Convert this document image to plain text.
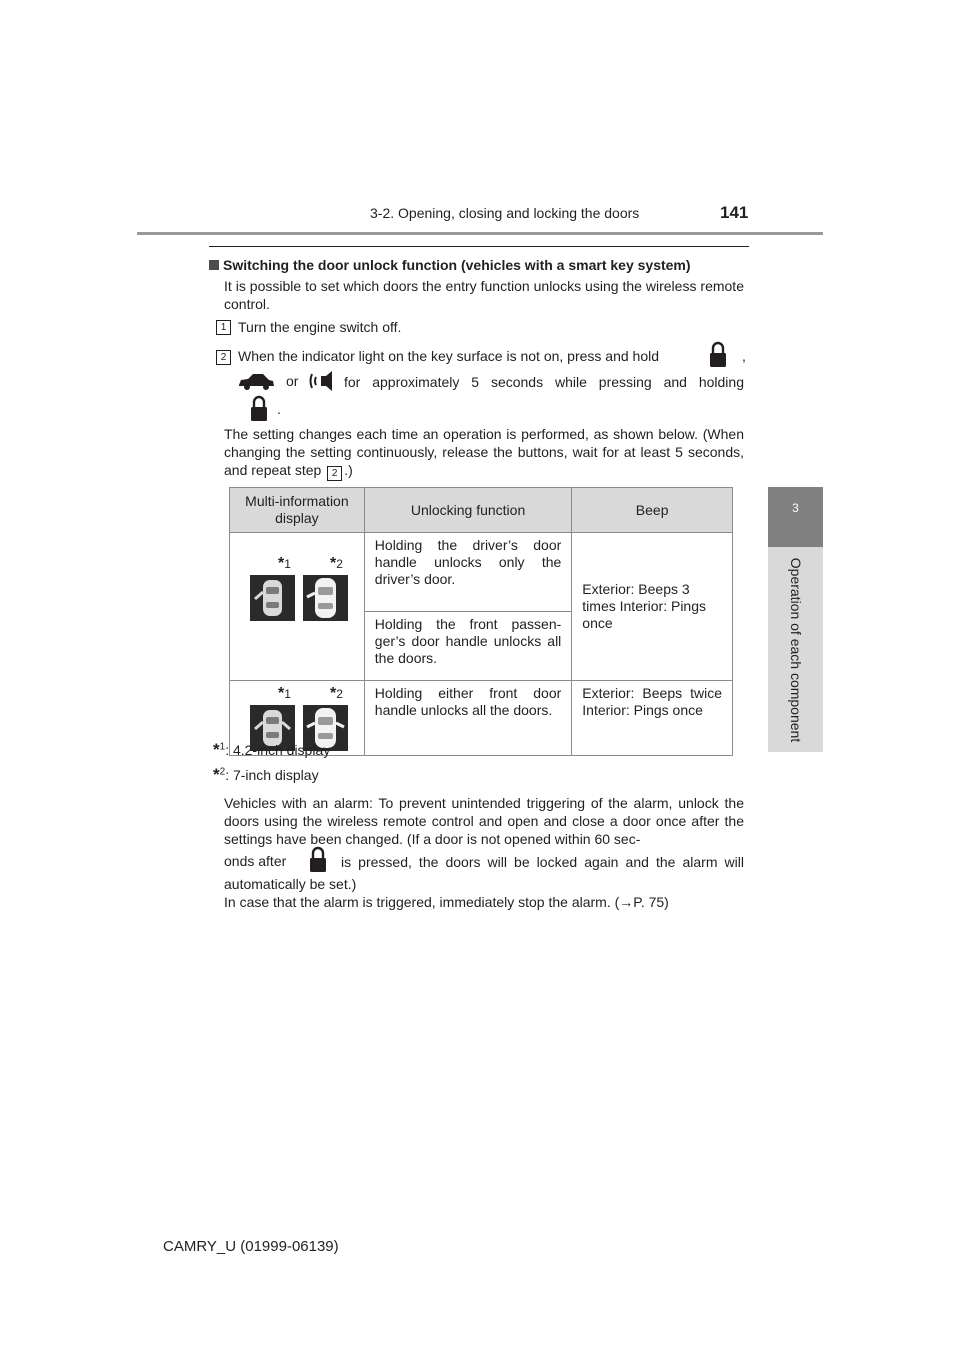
3-2. Opening, closing and locking the doors	141
3
Operation of each component
Switching the door unlock function (vehicles with a smart key system)
It is possible to set which doors the entry function unlocks using the wireless remote control.
1 Turn the engine switch off.
2 When the indicator light on the key surface is not on, press and hold	,
or	for approximately 5 seconds while pressing and holding
.
The setting changes each time an operation is performed, as shown below. (When changing the setting continuously, release the buttons, wait for at least 5 seconds, and repeat step 2 .)
Multi-information display	Unlocking function	Beep

*1 *2	Holding the driver’s door handle unlocks only the driver’s door.	Exterior: Beeps 3 times Interior: Pings once
	Holding the front passen-ger’s door handle unlocks all the doors.	

*1 *2	Holding either front door handle unlocks all the doors.	Exterior: Beeps twice Interior: Pings once
*$^1$: 4.2-inch display
*$^2$: 7-inch display
Vehicles with an alarm: To prevent unintended triggering of the alarm, unlock the doors using the wireless remote control and open and close a door once after the settings have been changed. (If a door is not opened within 60 sec-
onds after	is pressed, the doors will be locked again and the alarm will
automatically be set.)
In case that the alarm is triggered, immediately stop the alarm. (→P. 75)
CAMRY_U (01999-06139)
